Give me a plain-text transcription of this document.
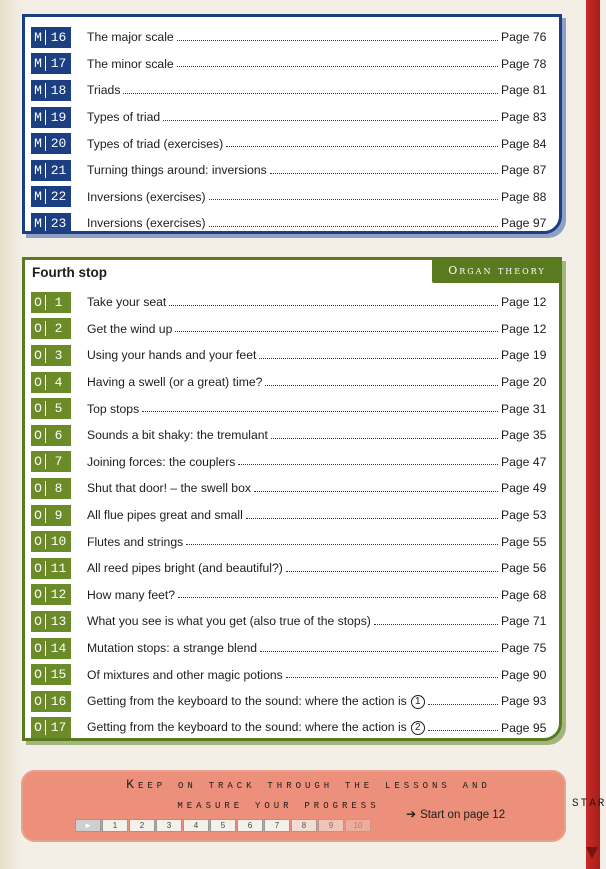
M 16	The major scale	Page 76
M 17	The minor scale	Page 78
M 18	Triads	Page 81
M 19	Types of triad	Page 83
M 20	Types of triad (exercises)	Page 84
M 21	Turning things around: inversions	Page 87
M 22	Inversions (exercises)	Page 88
M 23	Inversions (exercises)	Page 97
Fourth stop	Organ theory
O 1	Take your seat	Page 12
O 2	Get the wind up	Page 12
O 3	Using your hands and your feet	Page 19
O 4	Having a swell (or a great) time?	Page 20
O 5	Top stops	Page 31
O 6	Sounds a bit shaky: the tremulant	Page 35
O 7	Joining forces: the couplers	Page 47
O 8	Shut that door! – the swell box	Page 49
O 9	All flue pipes great and small	Page 53
O 10	Flutes and strings	Page 55
O 11	All reed pipes bright (and beautiful?)	Page 56
O 12	How many feet?	Page 68
O 13	What you see is what you get (also true of the stops)	Page 71
O 14	Mutation stops: a strange blend	Page 75
O 15	Of mixtures and other magic potions	Page 90
O 16	Getting from the keyboard to the sound: where the action is 1	Page 93
O 17	Getting from the keyboard to the sound: where the action is 2	Page 95
Keep on track through the lessons and
measure your progress
➔ Start on page 12
►	1	2	3	4	5	6	7	8	9	10
STAR
